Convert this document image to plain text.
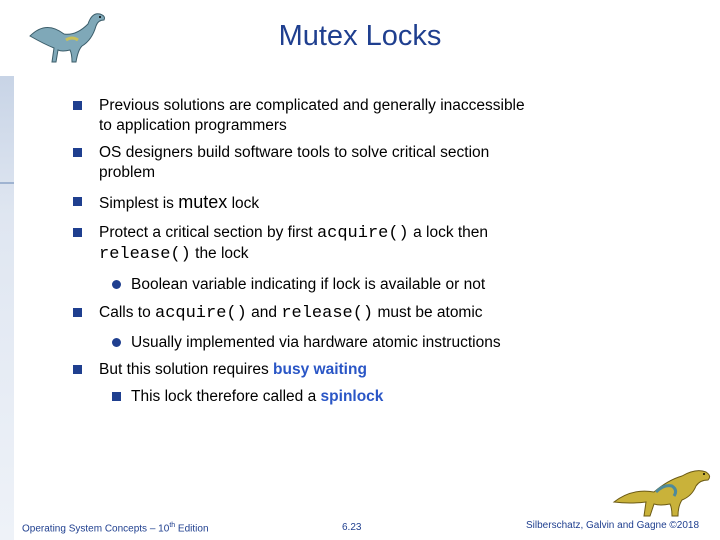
Mutex Locks
Previous solutions are complicated and generally inaccessible
to application programmers
OS designers build software tools to solve critical section
problem
Simplest is mutex lock
Protect a critical section by first acquire() a lock then
release() the lock
Boolean variable indicating if lock is available or not
Calls to acquire() and release() must be atomic
Usually implemented via hardware atomic instructions
But this solution requires busy waiting
This lock therefore called a spinlock
Operating System Concepts – 10th Edition	6.23	Silberschatz, Galvin and Gagne ©2018
